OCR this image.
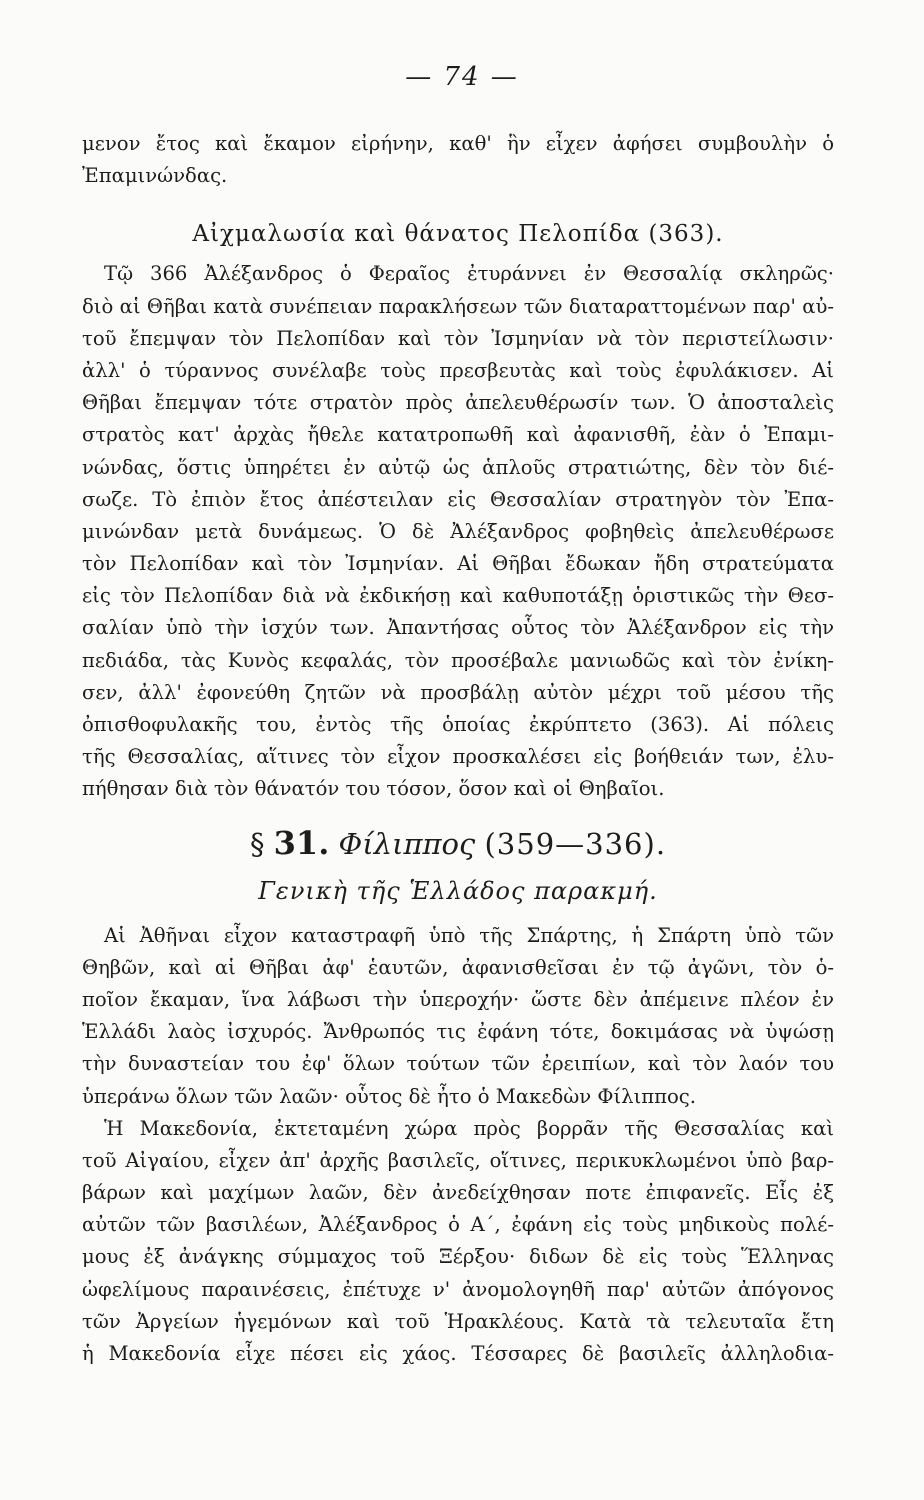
— 74 —
μενον ἔτος καὶ ἔκαμον εἰρήνην, καθ' ἣν εἶχεν ἀφήσει συμβουλὴν ὁ
Ἐπαμινώνδας.
Αἰχμαλωσία καὶ θάνατος Πελοπίδα (363).
Τῷ 366 Ἀλέξανδρος ὁ Φεραῖος ἐτυράννει ἐν Θεσσαλίᾳ σκληρῶς·
διὸ αἱ Θῆβαι κατὰ συνέπειαν παρακλήσεων τῶν διαταραττομένων παρ' αὐ-
τοῦ ἔπεμψαν τὸν Πελοπίδαν καὶ τὸν Ἰσμηνίαν νὰ τὸν περιστείλωσιν·
ἀλλ' ὁ τύραννος συνέλαβε τοὺς πρεσβευτὰς καὶ τοὺς ἐφυλάκισεν. Αἱ
Θῆβαι ἔπεμψαν τότε στρατὸν πρὸς ἀπελευθέρωσίν των. Ὁ ἀποσταλεὶς
στρατὸς κατ' ἀρχὰς ἤθελε κατατροπωθῆ καὶ ἀφανισθῆ, ἐὰν ὁ Ἐπαμι-
νώνδας, ὅστις ὑπηρέτει ἐν αὐτῷ ὡς ἁπλοῦς στρατιώτης, δὲν τὸν διέ-
σωζε. Τὸ ἐπιὸν ἔτος ἀπέστειλαν εἰς Θεσσαλίαν στρατηγὸν τὸν Ἐπα-
μινώνδαν μετὰ δυνάμεως. Ὁ δὲ Ἀλέξανδρος φοβηθεὶς ἀπελευθέρωσε
τὸν Πελοπίδαν καὶ τὸν Ἰσμηνίαν. Αἱ Θῆβαι ἔδωκαν ἤδη στρατεύματα
εἰς τὸν Πελοπίδαν διὰ νὰ ἐκδικήσῃ καὶ καθυποτάξῃ ὁριστικῶς τὴν Θεσ-
σαλίαν ὑπὸ τὴν ἰσχύν των. Ἀπαντήσας οὗτος τὸν Ἀλέξανδρον εἰς τὴν
πεδιάδα, τὰς Κυνὸς κεφαλάς, τὸν προσέβαλε μανιωδῶς καὶ τὸν ἐνίκη-
σεν, ἀλλ' ἐφονεύθη ζητῶν νὰ προσβάλῃ αὐτὸν μέχρι τοῦ μέσου τῆς
ὀπισθοφυλακῆς του, ἐντὸς τῆς ὁποίας ἐκρύπτετο (363). Αἱ πόλεις
τῆς Θεσσαλίας, αἵτινες τὸν εἶχον προσκαλέσει εἰς βοήθειάν των, ἐλυ-
πήθησαν διὰ τὸν θάνατόν του τόσον, ὅσον καὶ οἱ Θηβαῖοι.
§ 31. Φίλιππος (359—336).
Γενικὴ τῆς Ἑλλάδος παρακμή.
Αἱ Ἀθῆναι εἶχον καταστραφῆ ὑπὸ τῆς Σπάρτης, ἡ Σπάρτη ὑπὸ τῶν
Θηβῶν, καὶ αἱ Θῆβαι ἀφ' ἑαυτῶν, ἀφανισθεῖσαι ἐν τῷ ἀγῶνι, τὸν ὁ-
ποῖον ἔκαμαν, ἵνα λάβωσι τὴν ὑπεροχήν· ὥστε δὲν ἀπέμεινε πλέον ἐν
Ἑλλάδι λαὸς ἰσχυρός. Ἄνθρωπός τις ἐφάνη τότε, δοκιμάσας νὰ ὑψώσῃ
τὴν δυναστείαν του ἐφ' ὅλων τούτων τῶν ἐρειπίων, καὶ τὸν λαόν του
ὑπεράνω ὅλων τῶν λαῶν· οὗτος δὲ ἦτο ὁ Μακεδὼν Φίλιππος.
Ἡ Μακεδονία, ἐκτεταμένη χώρα πρὸς βορρᾶν τῆς Θεσσαλίας καὶ
τοῦ Αἰγαίου, εἶχεν ἀπ' ἀρχῆς βασιλεῖς, οἵτινες, περικυκλωμένοι ὑπὸ βαρ-
βάρων καὶ μαχίμων λαῶν, δὲν ἀνεδείχθησαν ποτε ἐπιφανεῖς. Εἷς ἐξ
αὐτῶν τῶν βασιλέων, Ἀλέξανδρος ὁ Α΄, ἐφάνη εἰς τοὺς μηδικοὺς πολέ-
μους ἐξ ἀνάγκης σύμμαχος τοῦ Ξέρξου· διδων δὲ εἰς τοὺς Ἕλληνας
ὠφελίμους παραινέσεις, ἐπέτυχε ν' ἀνομολογηθῆ παρ' αὐτῶν ἀπόγονος
τῶν Ἀργείων ἡγεμόνων καὶ τοῦ Ἡρακλέους. Κατὰ τὰ τελευταῖα ἔτη
ἡ Μακεδονία εἶχε πέσει εἰς χάος. Τέσσαρες δὲ βασιλεῖς ἀλληλοδια-
